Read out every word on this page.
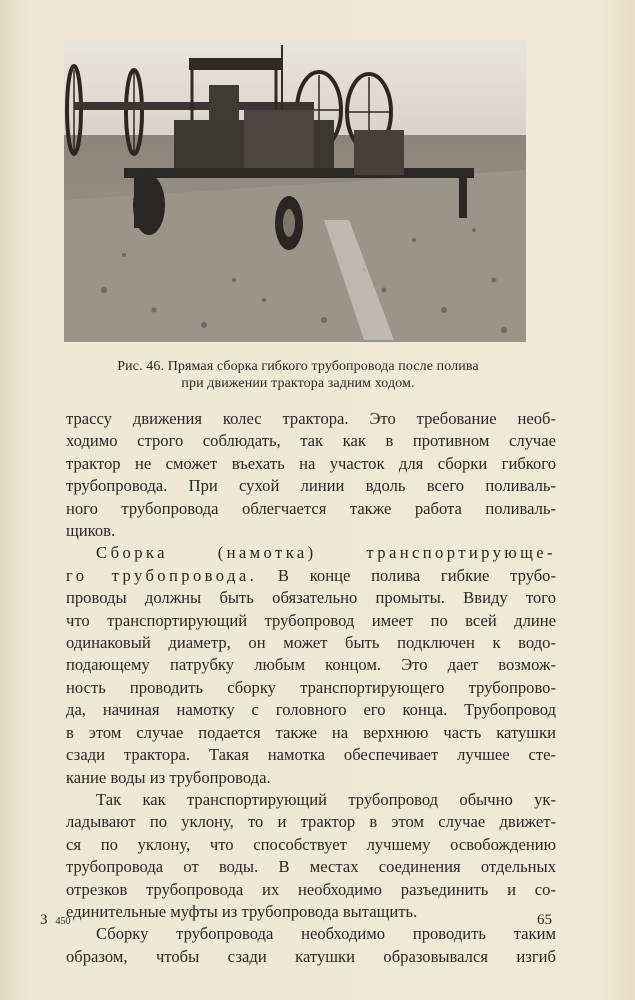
Рис. 46. Прямая сборка гибкого трубопровода после полива
при движении трактора задним ходом.

трассу движения колес трактора. Это требование необ-
ходимо строго соблюдать, так как в противном случае
трактор не сможет въехать на участок для сборки гибкого
трубопровода. При сухой линии вдоль всего поливаль-
ного трубопровода облегчается также работа поливаль-
щиков.

Сборка (намотка) транспортирующе-
го трубопровода. В конце полива гибкие трубо-
проводы должны быть обязательно промыты. Ввиду того
что транспортирующий трубопровод имеет по всей длине
одинаковый диаметр, он может быть подключен к водо-
подающему патрубку любым концом. Это дает возмож-
ность проводить сборку транспортирующего трубопрово-
да, начиная намотку с головного его конца. Трубопровод
в этом случае подается также на верхнюю часть катушки
сзади трактора. Такая намотка обеспечивает лучшее сте-
кание воды из трубопровода.

Так как транспортирующий трубопровод обычно ук-
ладывают по уклону, то и трактор в этом случае движет-
ся по уклону, что способствует лучшему освобождению
трубопровода от воды. В местах соединения отдельных
отрезков трубопровода их необходимо разъединить и со-
единительные муфты из трубопровода вытащить.

Сборку трубопровода необходимо проводить таким
образом, чтобы сзади катушки образовывался изгиб

3 450	65
